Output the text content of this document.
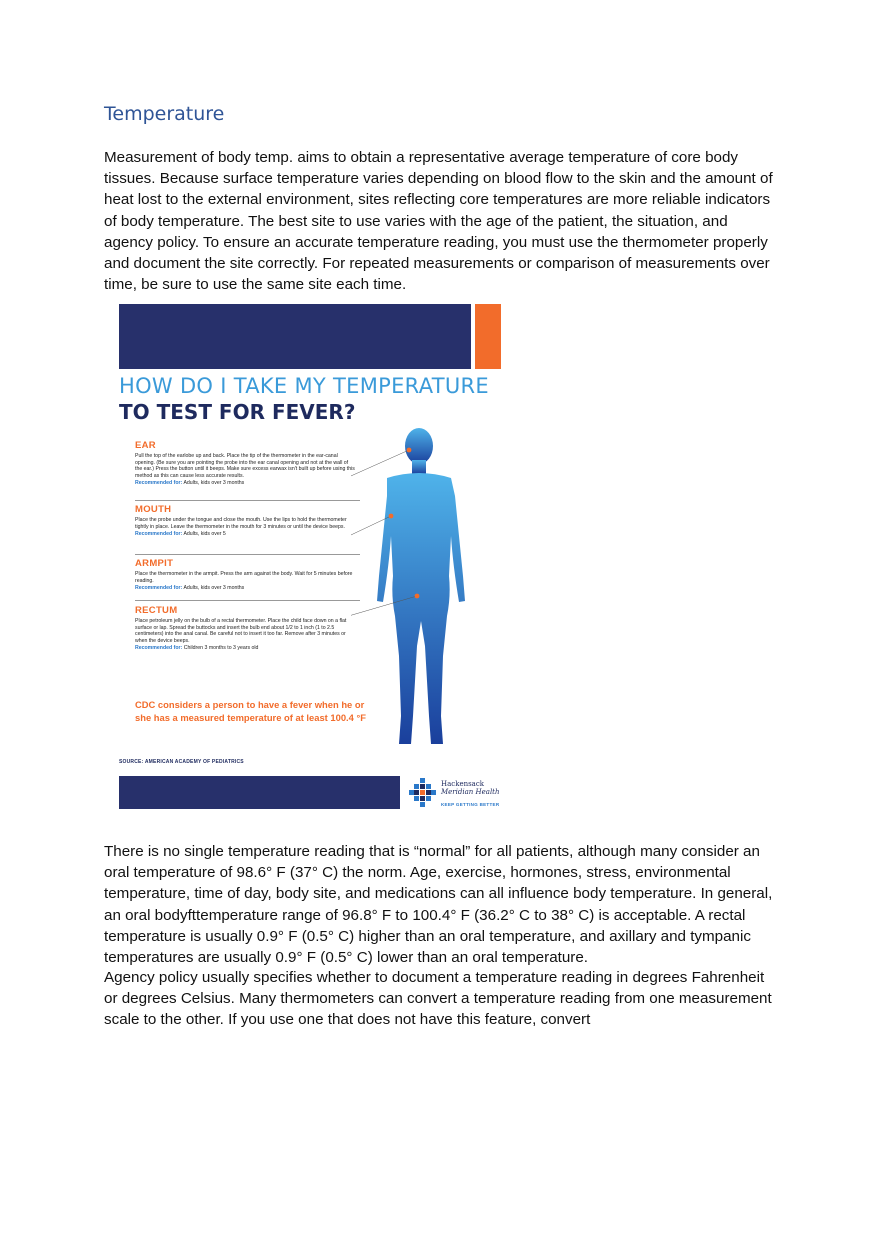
Temperature

Measurement of body temp. aims to obtain a representative average temperature of core body tissues. Because surface temperature varies depending on blood flow to the skin and the amount of heat lost to the external environment, sites reflecting core temperatures are more reliable indicators of body temperature. The best site to use varies with the age of the patient, the situation, and agency policy. To ensure an accurate temperature reading, you must use the thermometer properly and document the site correctly. For repeated measurements or comparison of measurements over time, be sure to use the same site each time.

HOW DO I TAKE MY TEMPERATURE
TO TEST FOR FEVER?

EAR

Pull the top of the earlobe up and back. Place the tip of the thermometer in the ear-canal opening. (Be sure you are pointing the probe into the ear canal opening and not at the wall of the ear.) Press the button until it beeps. Make sure excess earwax isn't built up before using this method as this can cause less accurate results.

Recommended for: Adults, kids over 3 months

MOUTH

Place the probe under the tongue and close the mouth. Use the lips to hold the thermometer tightly in place. Leave the thermometer in the mouth for 3 minutes or until the device beeps.

Recommended for: Adults, kids over 5

ARMPIT

Place the thermometer in the armpit. Press the arm against the body. Wait for 5 minutes before reading.

Recommended for: Adults, kids over 3 months

RECTUM

Place petroleum jelly on the bulb of a rectal thermometer. Place the child face down on a flat surface or lap. Spread the buttocks and insert the bulb end about 1/2 to 1 inch (1 to 2.5 centimeters) into the anal canal. Be careful not to insert it too far. Remove after 3 minutes or when the device beeps.

Recommended for: Children 3 months to 3 years old

CDC considers a person to have a fever when he or she has a measured temperature of at least 100.4 °F
SOURCE: AMERICAN ACADEMY OF PEDIATRICS
Hackensack
Meridian Health
KEEP GETTING BETTER

There is no single temperature reading that is “normal” for all patients, although many consider an oral temperature of 98.6° F (37° C) the norm. Age, exercise, hormones, stress, environmental temperature, time of day, body site, and medications can all influence body temperature. In general, an oral bodyfttemperature range of 96.8° F to 100.4° F (36.2° C to 38° C) is acceptable. A rectal temperature is usually 0.9° F (0.5° C) higher than an oral temperature, and axillary and tympanic temperatures are usually 0.9° F (0.5° C) lower than an oral temperature.

Agency policy usually specifies whether to document a temperature reading in degrees Fahrenheit or degrees Celsius. Many thermometers can convert a temperature reading from one measurement scale to the other. If you use one that does not have this feature, convert
